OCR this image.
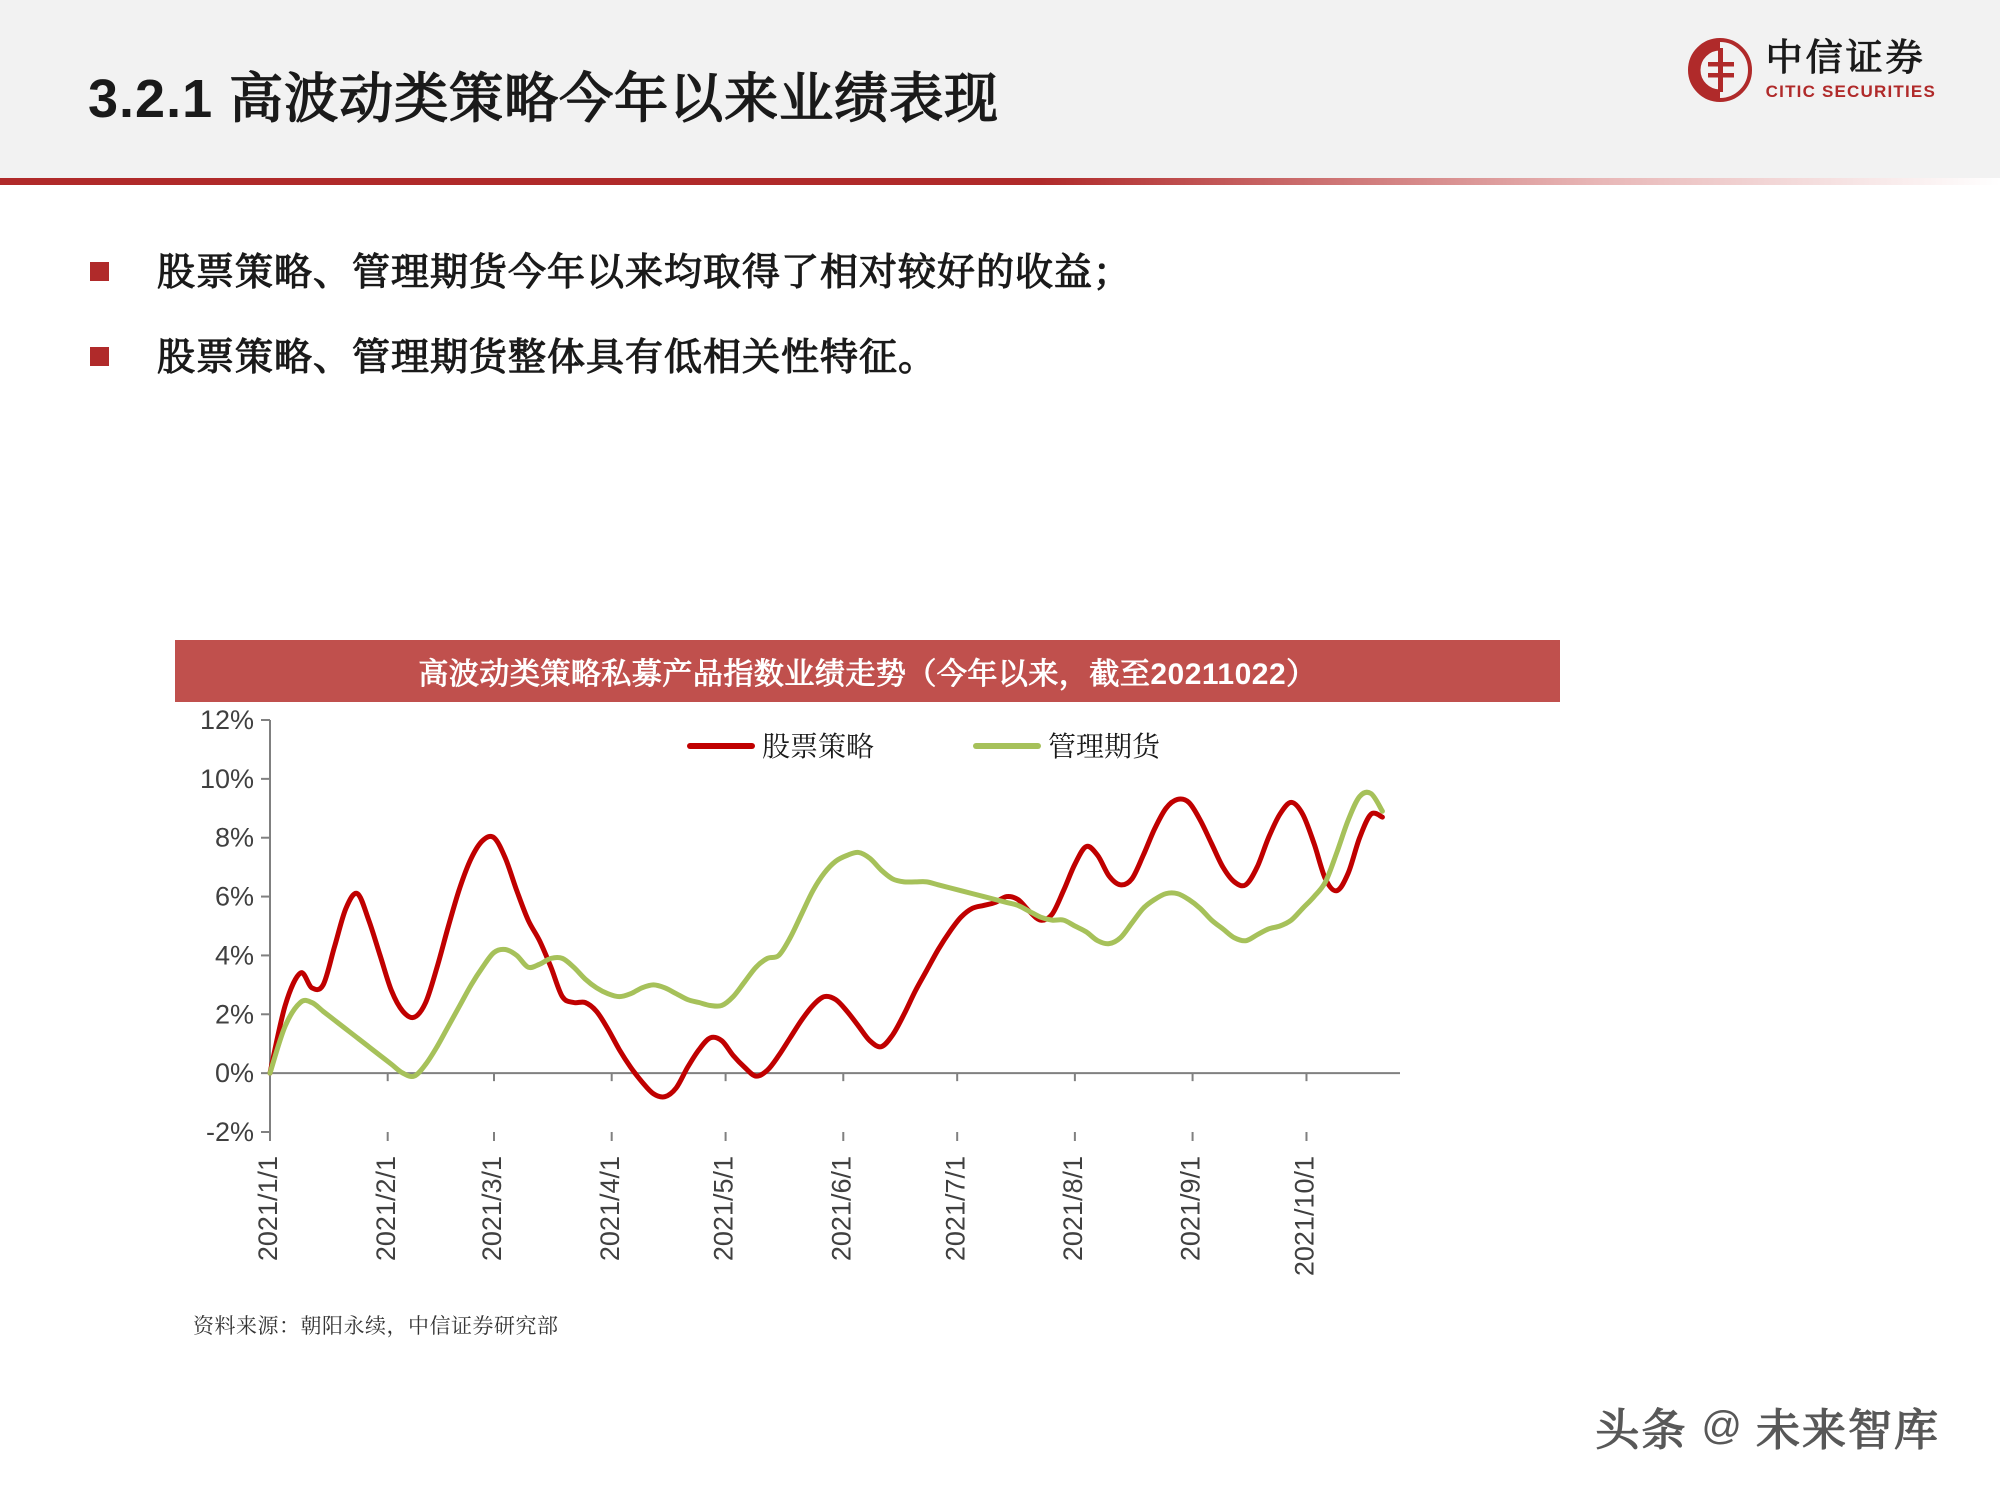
3.2.1 高波动类策略今年以来业绩表现
中信证券
CITIC SECURITIES
股票策略、管理期货今年以来均取得了相对较好的收益；
股票策略、管理期货整体具有低相关性特征。
高波动类策略私募产品指数业绩走势（今年以来，截至20211022）
-2%
0%
2%
4%
6%
8%
10%
12%
2021/1/1	2021/2/1	2021/3/1	2021/4/1	2021/5/1	2021/6/1	2021/7/1	2021/8/1	2021/9/1	2021/10/1
股票策略	管理期货
资料来源：朝阳永续，中信证券研究部
头条 @ 未来智库
